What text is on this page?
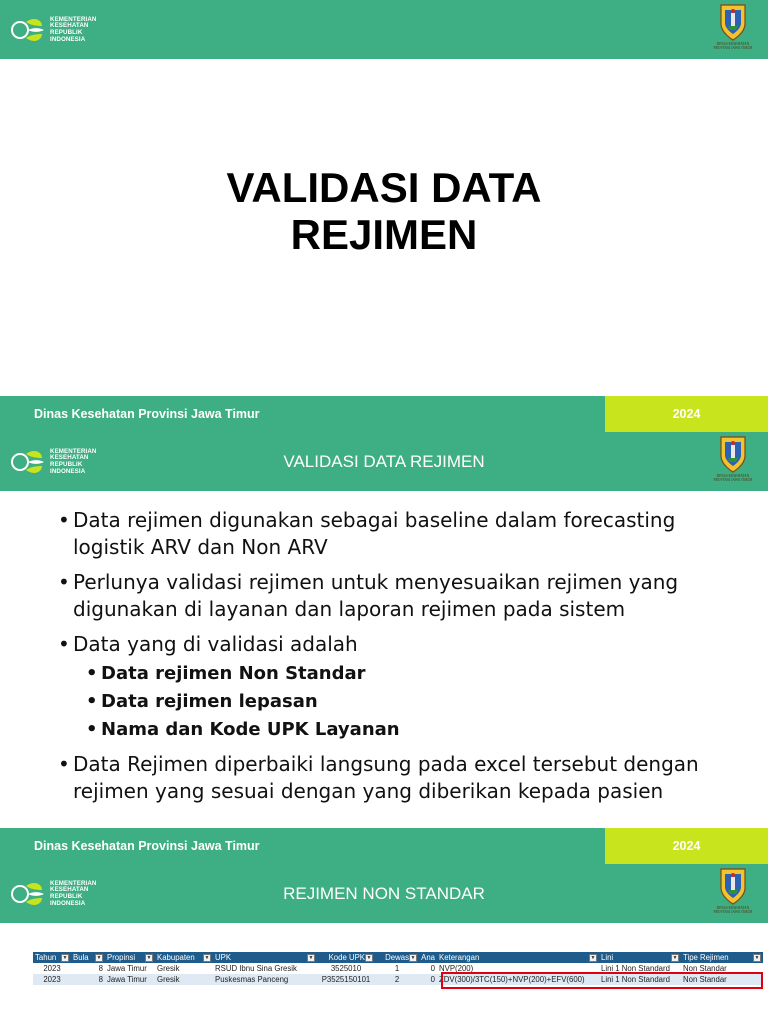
KEMENTERIAN
KESEHATAN
REPUBLIK
INDONESIA
DINAS KESEHATAN
PROVINSI JAWA TIMUR
VALIDASI DATA
REJIMEN
Dinas Kesehatan Provinsi Jawa Timur	2024
KEMENTERIAN
KESEHATAN
REPUBLIK
INDONESIA
VALIDASI DATA REJIMEN
DINAS KESEHATAN
PROVINSI JAWA TIMUR
• Data rejimen digunakan sebagai baseline dalam forecasting logistik ARV dan Non ARV
• Perlunya validasi rejimen untuk menyesuaikan rejimen yang digunakan di layanan dan laporan rejimen pada sistem
• Data yang di validasi adalah
• Data rejimen Non Standar
• Data rejimen lepasan
• Nama dan Kode UPK Layanan
• Data Rejimen diperbaiki langsung pada excel tersebut dengan rejimen yang sesuai dengan yang diberikan kepada pasien
Dinas Kesehatan Provinsi Jawa Timur	2024
KEMENTERIAN
KESEHATAN
REPUBLIK
INDONESIA
REJIMEN NON STANDAR
DINAS KESEHATAN
PROVINSI JAWA TIMUR
Tahun ▼	Bula ▼	Propinsi ▼	Kabupaten ▼	UPK ▼	Kode UPK ▼	Dewas ▼	Ana	Keterangan ▼	Lini ▼	Tipe Rejimen ▼

2023	8	Jawa Timur	Gresik	RSUD Ibnu Sina Gresik	3525010	1	0	NVP(200)	Lini 1 Non Standard	Non Standar
2023	8	Jawa Timur	Gresik	Puskesmas Panceng	P3525150101	2	0	ZDV(300)/3TC(150)+NVP(200)+EFV(600)	Lini 1 Non Standard	Non Standar
